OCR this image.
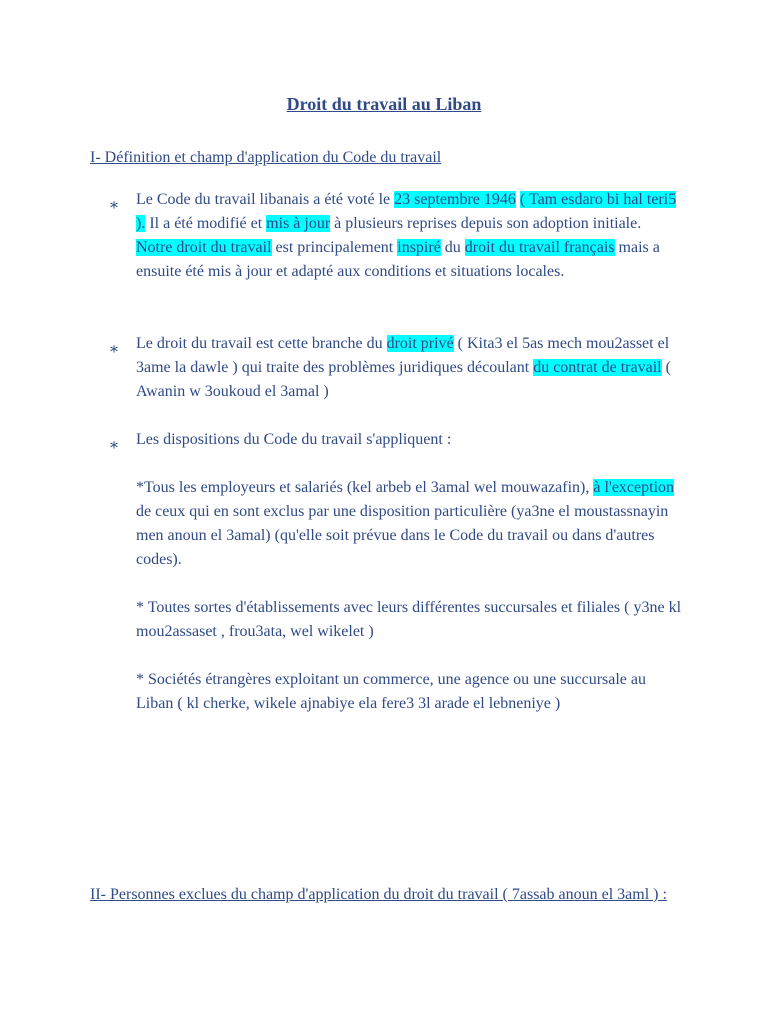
Droit du travail au Liban
I- Définition et champ d'application du Code du travail
⁎ Le Code du travail libanais a été voté le 23 septembre 1946 ( Tam esdaro bi hal teri5 ). Il a été modifié et mis à jour à plusieurs reprises depuis son adoption initiale. Notre droit du travail est principalement inspiré du droit du travail français mais a ensuite été mis à jour et adapté aux conditions et situations locales.
⁎ Le droit du travail est cette branche du droit privé ( Kita3 el 5as mech mou2asset el 3ame la dawle ) qui traite des problèmes juridiques découlant du contrat de travail ( Awanin w 3oukoud el 3amal )
⁎ Les dispositions du Code du travail s'appliquent :
*Tous les employeurs et salariés (kel arbeb el 3amal wel mouwazafin), à l'exception de ceux qui en sont exclus par une disposition particulière (ya3ne el moustassnayin men anoun el 3amal) (qu'elle soit prévue dans le Code du travail ou dans d'autres codes).
* Toutes sortes d'établissements avec leurs différentes succursales et filiales ( y3ne kl mou2assaset , frou3ata, wel wikelet )
* Sociétés étrangères exploitant un commerce, une agence ou une succursale au Liban ( kl cherke, wikele ajnabiye ela fere3 3l arade el lebneniye )
II- Personnes exclues du champ d'application du droit du travail ( 7assab anoun el 3aml ) :
